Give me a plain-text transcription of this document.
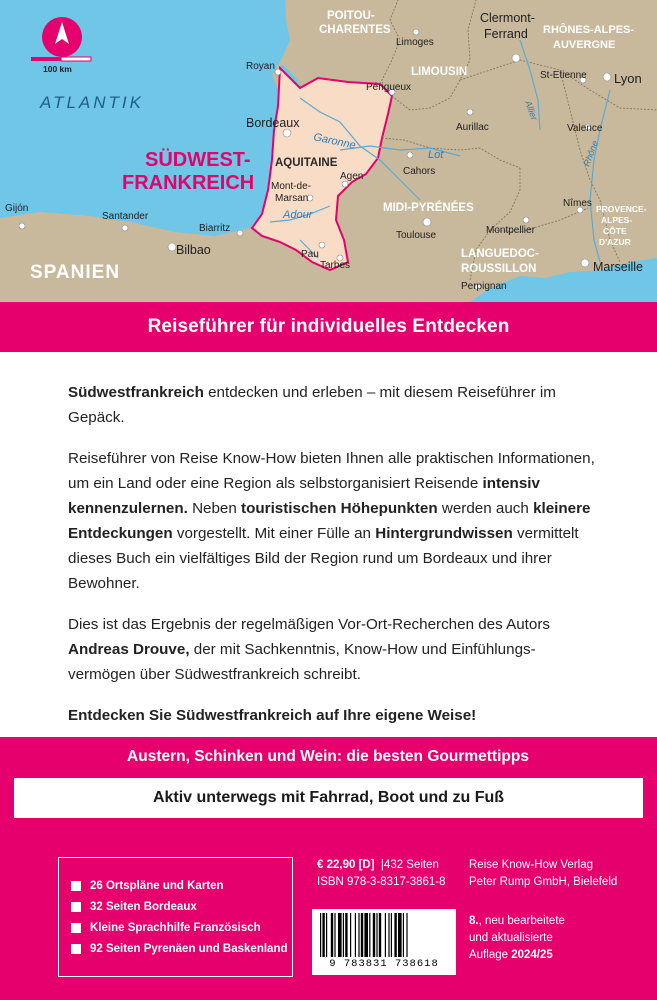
100 km
ATLANTIK
SÜDWEST-
FRANKREICH
SPANIEN
POITOU-
CHARENTES
LIMOUSIN
RHÔNES-ALPES-
AUVERGNE
AQUITAINE
MIDI-PYRÉNÉES
LANGUEDOC-
ROUSSILLON
PROVENCE-
ALPES-
CÔTE
D'AZUR
Royan
Limoges
Clermont-
Ferrand
Périgueux
St-Etienne Lyon
Bordeaux	Aurillac	Valence
Agen	Cahors
Mont-de-
Marsan
Gijón
Santander
Biarritz
Bilbao
Nîmes
Montpellier
Toulouse
Pau
Tarbes
Perpignan
Marseille
Garonne
Lot
Adour
Allier
Rhône
Reiseführer für individuelles Entdecken

Südwestfrankreich entdecken und erleben – mit diesem Reiseführer im Gepäck.

Reiseführer von Reise Know-How bieten Ihnen alle praktischen Informationen, um ein Land oder eine Region als selbstorganisiert Reisende intensiv kennenzulernen. Neben touristischen Höhepunkten werden auch kleinere Entdeckungen vorgestellt. Mit einer Fülle an Hintergrundwissen vermittelt dieses Buch ein vielfältiges Bild der Region rund um Bordeaux und ihrer Bewohner.

Dies ist das Ergebnis der regelmäßigen Vor-Ort-Recherchen des Autors Andreas Drouve, der mit Sachkenntnis, Know-How und Einfühlungsvermögen über Südwestfrankreich schreibt.

Entdecken Sie Südwestfrankreich auf Ihre eigene Weise!

Austern, Schinken und Wein: die besten Gourmettipps
Aktiv unterwegs mit Fahrrad, Boot und zu Fuß
26 Ortspläne und Karten
32 Seiten Bordeaux
Kleine Sprachhilfe Französisch
92 Seiten Pyrenäen und Baskenland
€ 22,90 [D]  |432 Seiten
ISBN 978-3-8317-3861-8
Reise Know-How Verlag
Peter Rump GmbH, Bielefeld
8., neu bearbeitete
und aktualisierte
Auflage 2024/25
9 783831 738618
